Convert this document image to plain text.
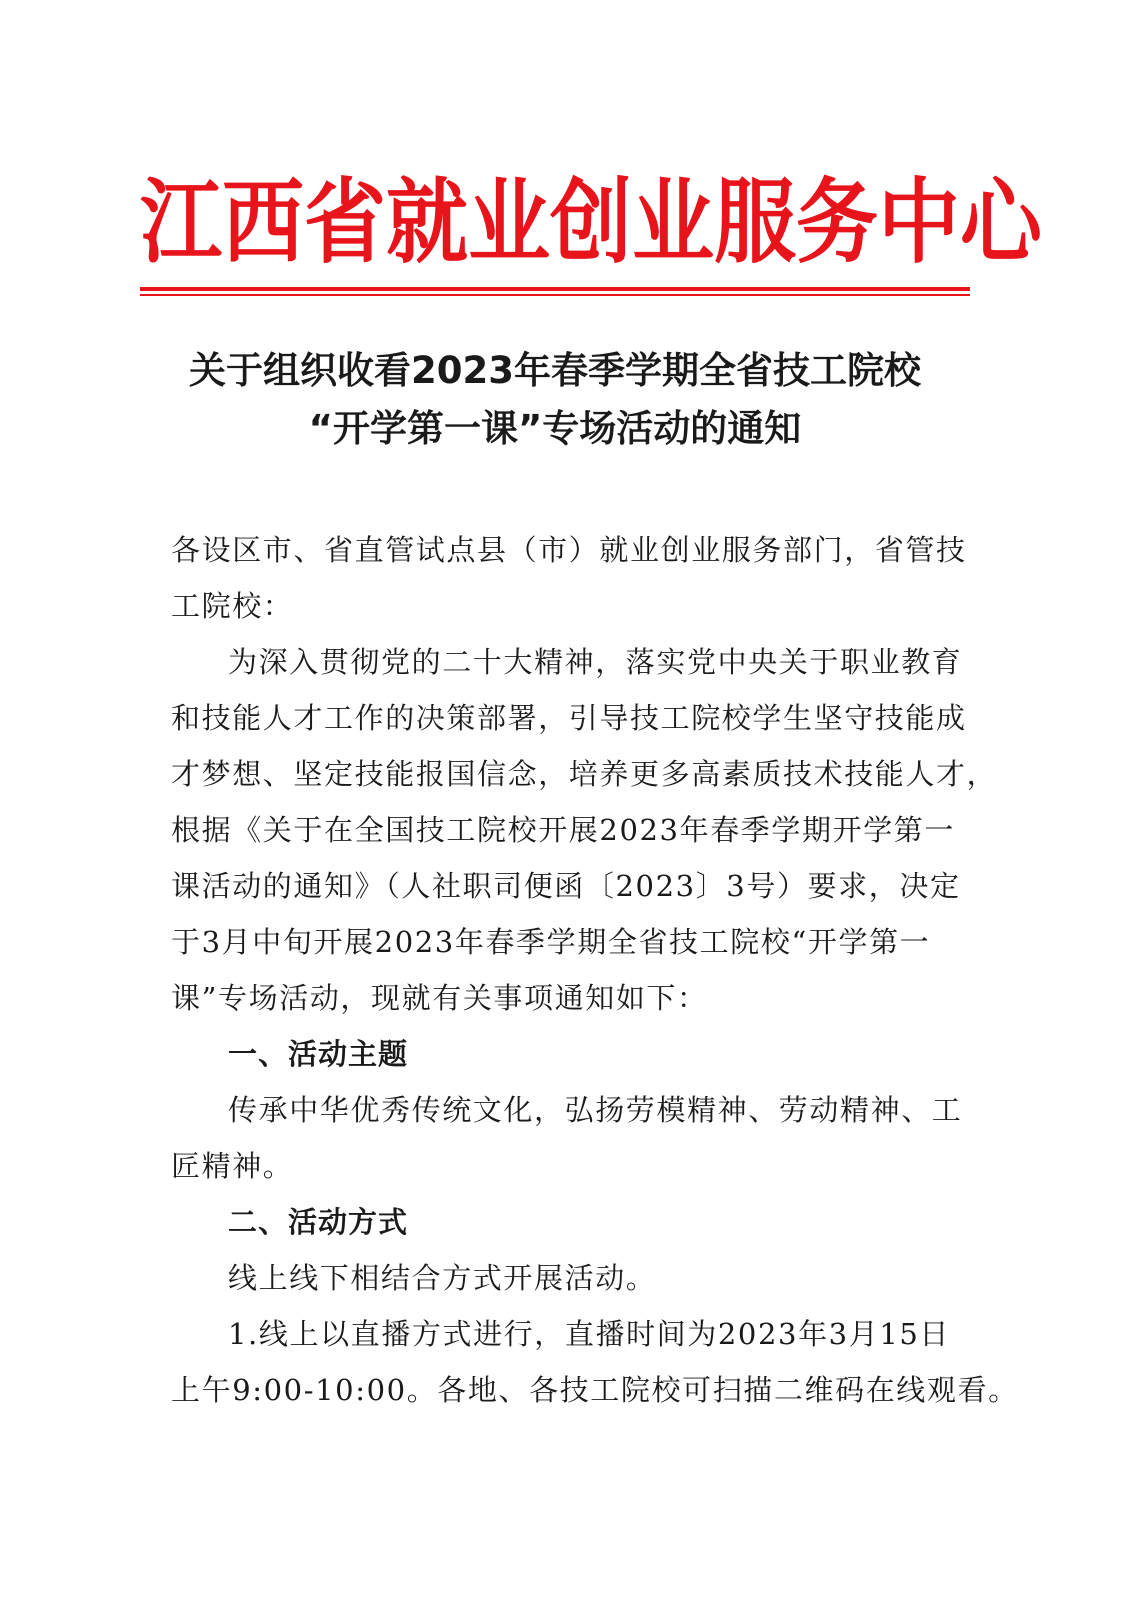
江西省就业创业服务中心
关于组织收看2023年春季学期全省技工院校
“开学第一课”专场活动的通知
各设区市、省直管试点县（市）就业创业服务部门，省管技
工院校：
为深入贯彻党的二十大精神，落实党中央关于职业教育
和技能人才工作的决策部署，引导技工院校学生坚守技能成
才梦想、坚定技能报国信念，培养更多高素质技术技能人才，
根据《关于在全国技工院校开展2023年春季学期开学第一
课活动的通知》（人社职司便函〔2023〕3号）要求，决定
于3月中旬开展2023年春季学期全省技工院校“开学第一
课”专场活动，现就有关事项通知如下：
一、活动主题
传承中华优秀传统文化，弘扬劳模精神、劳动精神、工
匠精神。
二、活动方式
线上线下相结合方式开展活动。
1.线上以直播方式进行，直播时间为2023年3月15日
上午9:00-10:00。各地、各技工院校可扫描二维码在线观看。
